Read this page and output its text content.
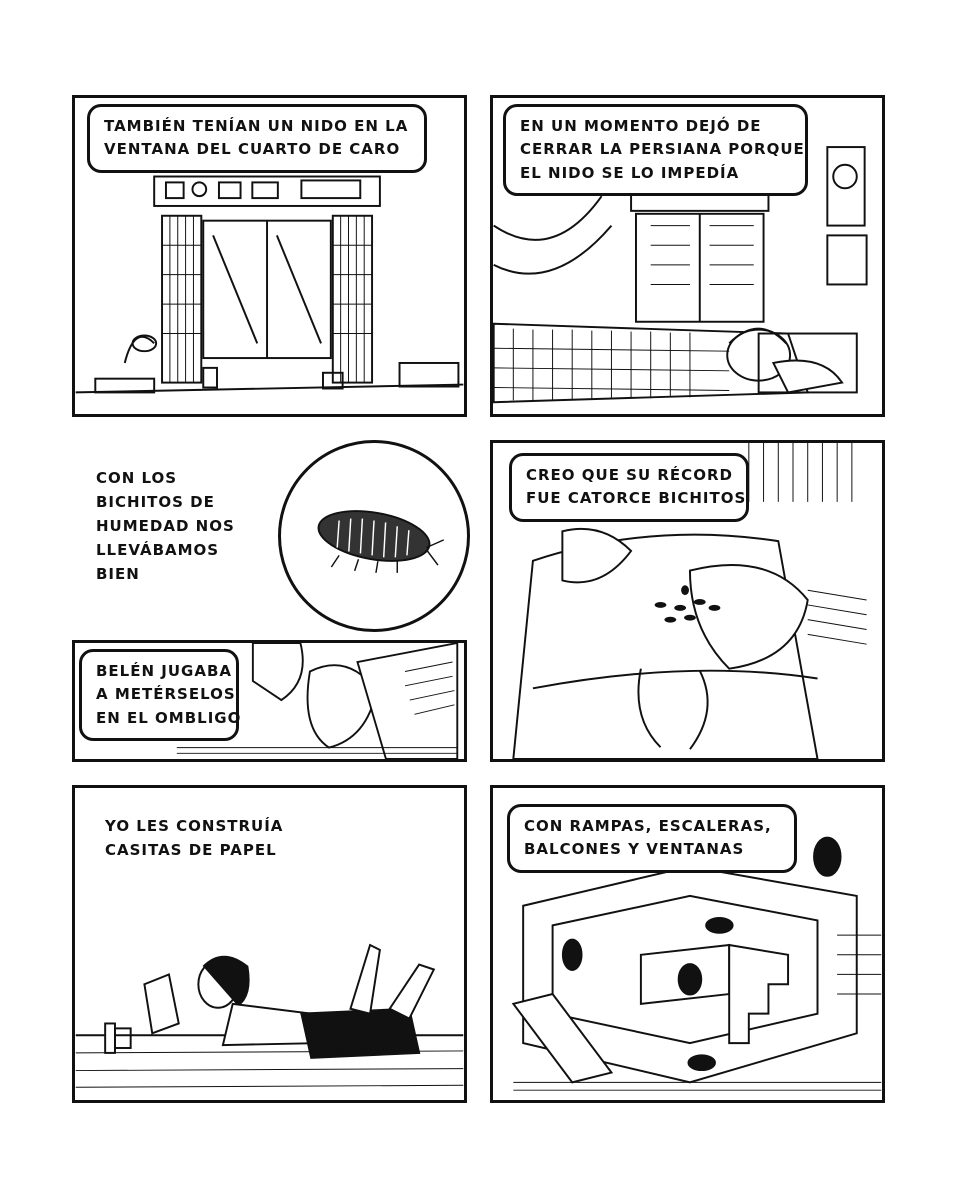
TAMBIÉN TENÍAN UN NIDO EN LA
VENTANA DEL CUARTO DE CARO
EN UN MOMENTO DEJÓ DE
CERRAR LA PERSIANA PORQUE
EL NIDO SE LO IMPEDÍA
CON LOS
BICHITOS DE
HUMEDAD NOS
LLEVÁBAMOS
BIEN
CREO QUE SU RÉCORD
FUE CATORCE BICHITOS
BELÉN JUGABA
A METÉRSELOS
EN EL OMBLIGO
YO LES CONSTRUÍA
CASITAS DE PAPEL
CON RAMPAS, ESCALERAS,
BALCONES Y VENTANAS
